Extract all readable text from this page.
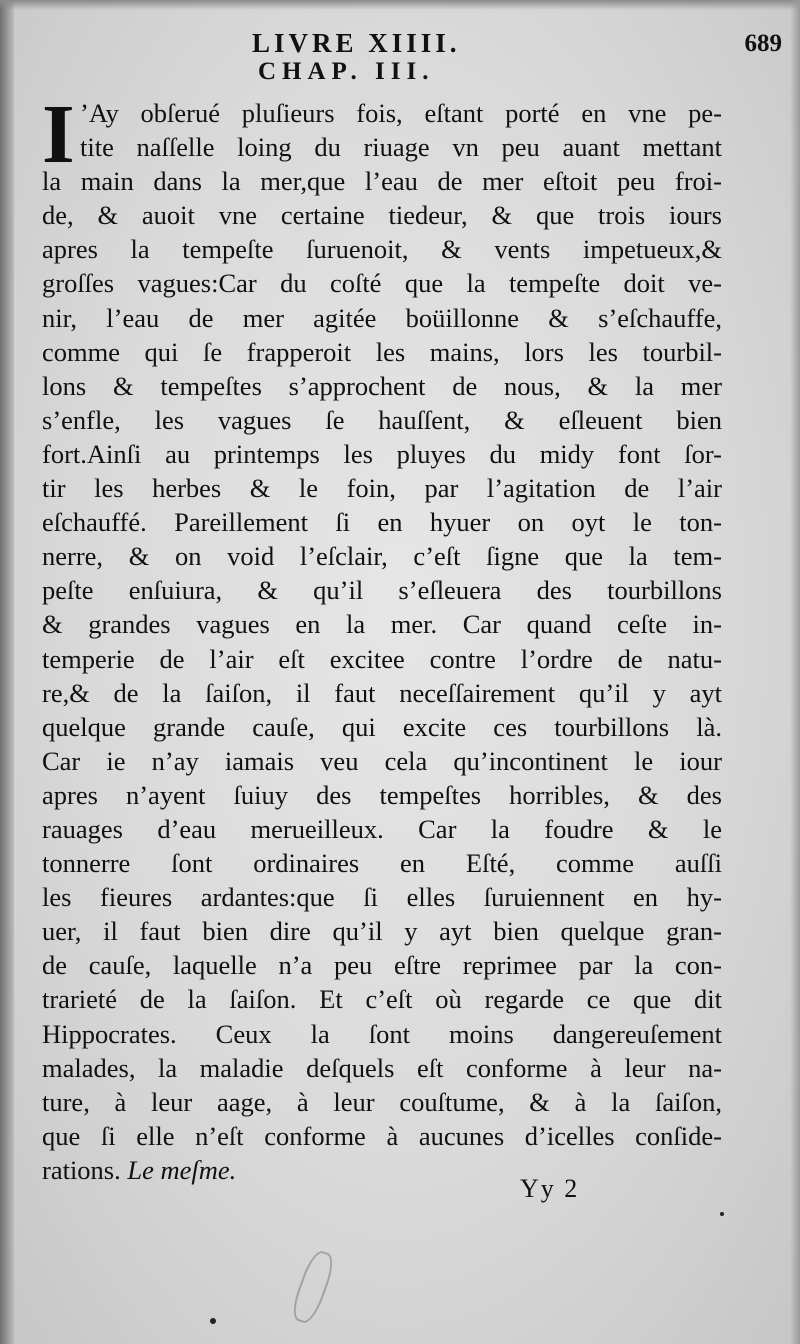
LIVRE XIIII.	689
CHAP. III.
I ’Ay obſerué pluſieurs fois, eſtant porté en vne pe-
tite naſſelle loing du riuage vn peu auant mettant
la main dans la mer,que l’eau de mer eſtoit peu froi-
de, & auoit vne certaine tiedeur, & que trois iours
apres la tempeſte ſuruenoit, & vents impetueux,&
groſſes vagues:Car du coſté que la tempeſte doit ve-
nir, l’eau de mer agitée boüillonne & s’eſchauffe,
comme qui ſe frapperoit les mains, lors les tourbil-
lons & tempeſtes s’approchent de nous, & la mer
s’enfle, les vagues ſe hauſſent, & eſleuent bien
fort.Ainſi au printemps les pluyes du midy font ſor-
tir les herbes & le foin, par l’agitation de l’air
eſchauffé. Pareillement ſi en hyuer on oyt le ton-
nerre, & on void l’eſclair, c’eſt ſigne que la tem-
peſte enſuiura, & qu’il s’eſleuera des tourbillons
& grandes vagues en la mer. Car quand ceſte in-
temperie de l’air eſt excitee contre l’ordre de natu-
re,& de la ſaiſon, il faut neceſſairement qu’il y ayt
quelque grande cauſe, qui excite ces tourbillons là.
Car ie n’ay iamais veu cela qu’incontinent le iour
apres n’ayent ſuiuy des tempeſtes horribles, & des
rauages d’eau merueilleux. Car la foudre & le
tonnerre ſont ordinaires en Eſté, comme auſſi
les fieures ardantes:que ſi elles ſuruiennent en hy-
uer, il faut bien dire qu’il y ayt bien quelque gran-
de cauſe, laquelle n’a peu eſtre reprimee par la con-
trarieté de la ſaiſon. Et c’eſt où regarde ce que dit
Hippocrates. Ceux la ſont moins dangereuſement
malades, la maladie deſquels eſt conforme à leur na-
ture, à leur aage, à leur couſtume, & à la ſaiſon,
que ſi elle n’eſt conforme à aucunes d’icelles conſide-
rations. Le meſme.
Yy 2
